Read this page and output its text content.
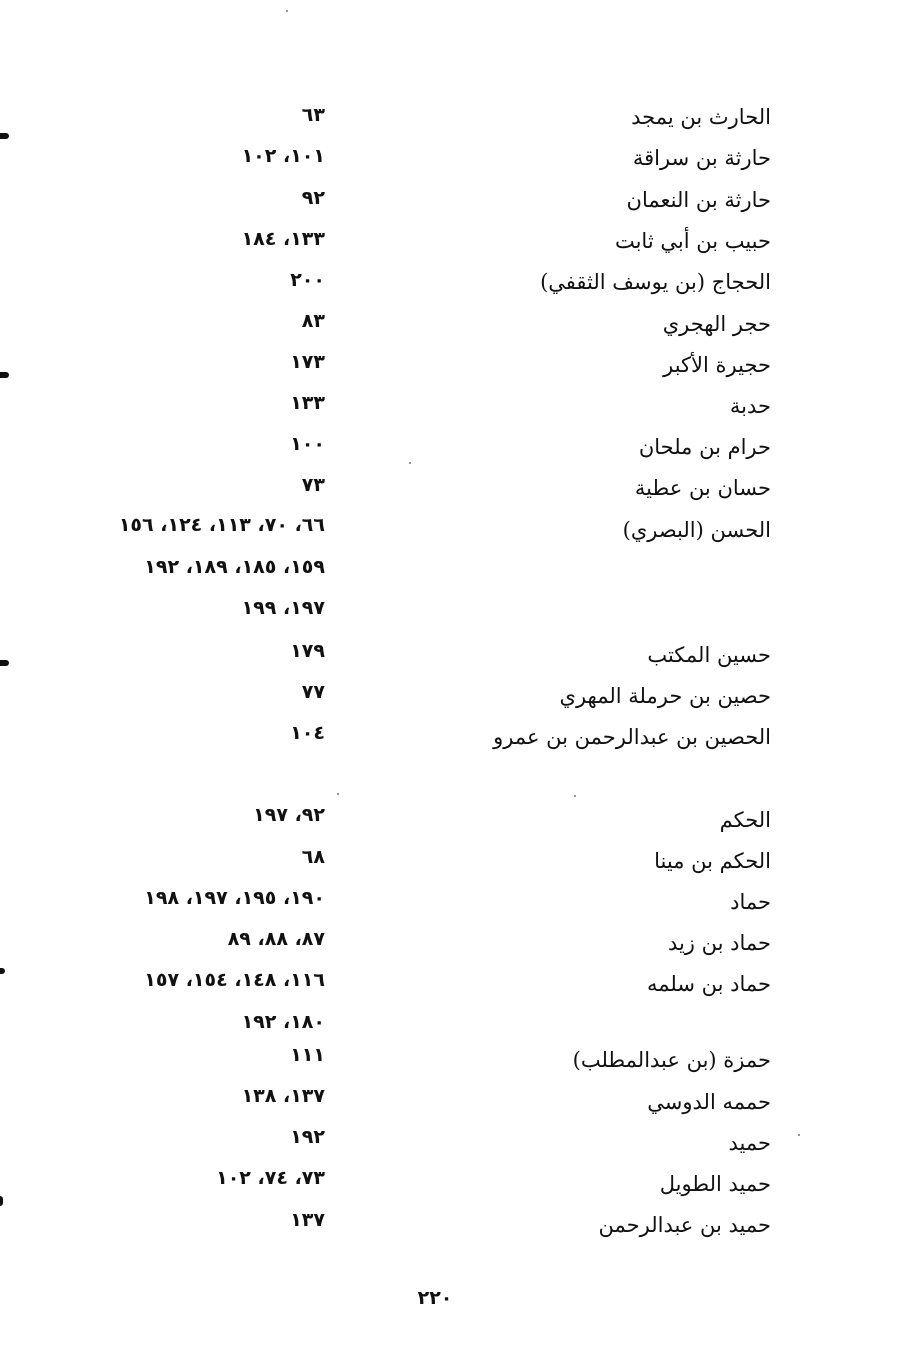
الحارث بن يمجد
٦٣
حارثة بن سراقة
١٠١، ١٠٢
حارثة بن النعمان
٩٢
حبيب بن أبي ثابت
١٣٣، ١٨٤
الحجاج (بن يوسف الثقفي)
٢٠٠
حجر الهجري
٨٣
حجيرة الأكبر
١٧٣
حدبة
١٣٣
حرام بن ملحان
١٠٠
حسان بن عطية
٧٣
الحسن (البصري)
٦٦، ٧٠، ١١٣، ١٢٤، ١٥٦
١٥٩، ١٨٥، ١٨٩، ١٩٢
١٩٧، ١٩٩
حسين المكتب
١٧٩
حصين بن حرملة المهري
٧٧
الحصين بن عبدالرحمن بن عمرو
١٠٤
الحكم
٩٢، ١٩٧
الحكم بن مينا
٦٨
حماد
١٩٠، ١٩٥، ١٩٧، ١٩٨
حماد بن زيد
٨٧، ٨٨، ٨٩
حماد بن سلمه
١١٦، ١٤٨، ١٥٤، ١٥٧
١٨٠، ١٩٢
حمزة (بن عبدالمطلب)
١١١
حممه الدوسي
١٣٧، ١٣٨
حميد
١٩٢
حميد الطويل
٧٣، ٧٤، ١٠٢
حميد بن عبدالرحمن
١٣٧
٢٢٠
